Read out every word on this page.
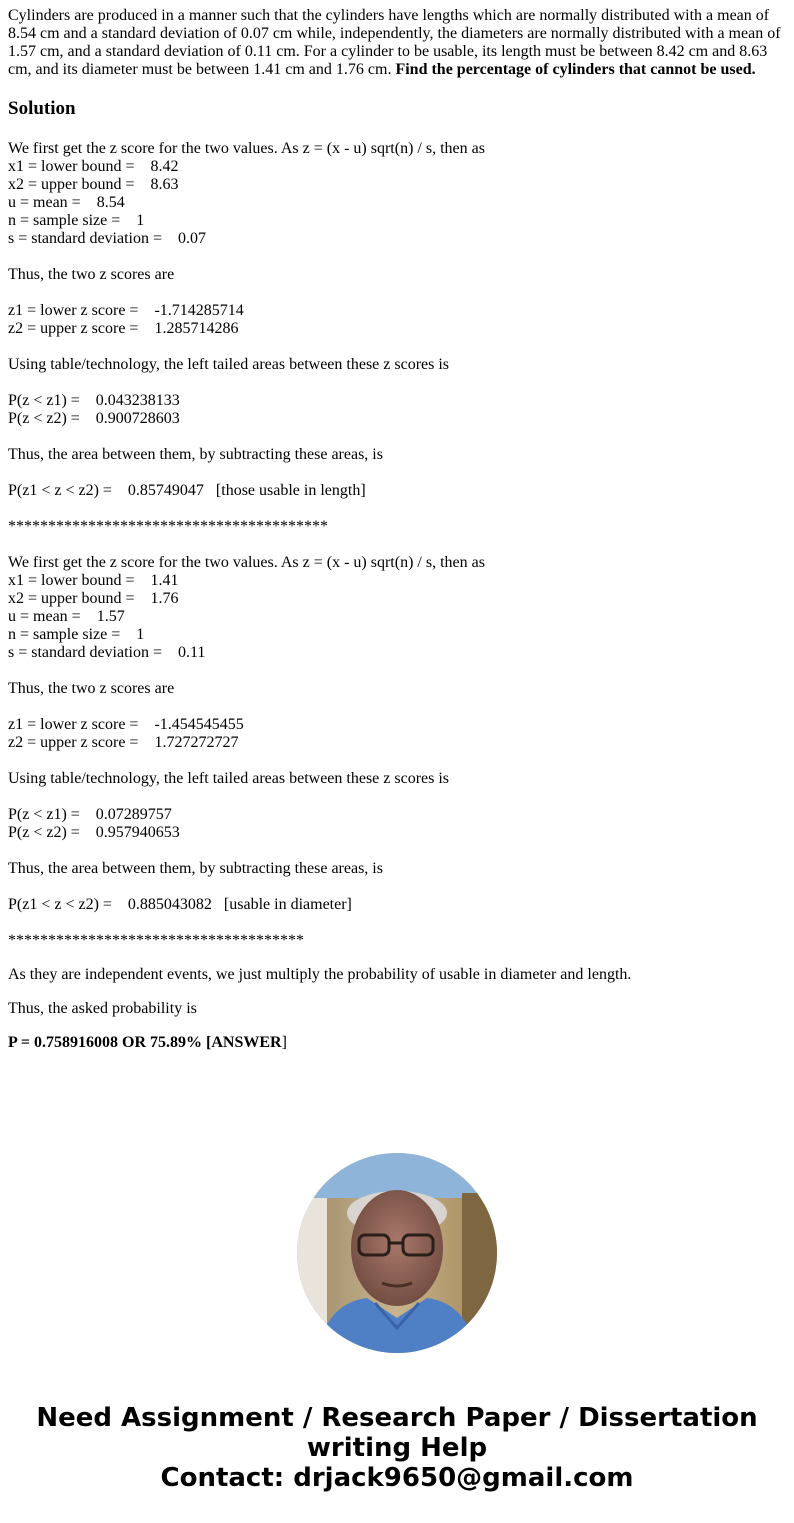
Cylinders are produced in a manner such that the cylinders have lengths which are normally distributed with a mean of 8.54 cm and a standard deviation of 0.07 cm while, independently, the diameters are normally distributed with a mean of 1.57 cm, and a standard deviation of 0.11 cm. For a cylinder to be usable, its length must be between 8.42 cm and 8.63 cm, and its diameter must be between 1.41 cm and 1.76 cm. Find the percentage of cylinders that cannot be used.

Solution
We first get the z score for the two values. As z = (x - u) sqrt(n) / s, then as
x1 = lower bound =    8.42
x2 = upper bound =    8.63
u = mean =    8.54
n = sample size =    1
s = standard deviation =    0.07
Thus, the two z scores are
z1 = lower z score =    -1.714285714
z2 = upper z score =    1.285714286
Using table/technology, the left tailed areas between these z scores is
P(z < z1) =    0.043238133
P(z < z2) =    0.900728603
Thus, the area between them, by subtracting these areas, is
P(z1 < z < z2) =    0.85749047   [those usable in length]
****************************************
We first get the z score for the two values. As z = (x - u) sqrt(n) / s, then as
x1 = lower bound =    1.41
x2 = upper bound =    1.76
u = mean =    1.57
n = sample size =    1
s = standard deviation =    0.11
Thus, the two z scores are
z1 = lower z score =    -1.454545455
z2 = upper z score =    1.727272727
Using table/technology, the left tailed areas between these z scores is
P(z < z1) =    0.07289757
P(z < z2) =    0.957940653
Thus, the area between them, by subtracting these areas, is
P(z1 < z < z2) =    0.885043082   [usable in diameter]
*************************************

As they are independent events, we just multiply the probability of usable in diameter and length.

Thus, the asked probability is

P = 0.758916008 OR 75.89% [ANSWER]

Need Assignment / Research Paper / Dissertation
writing Help
Contact: drjack9650@gmail.com
